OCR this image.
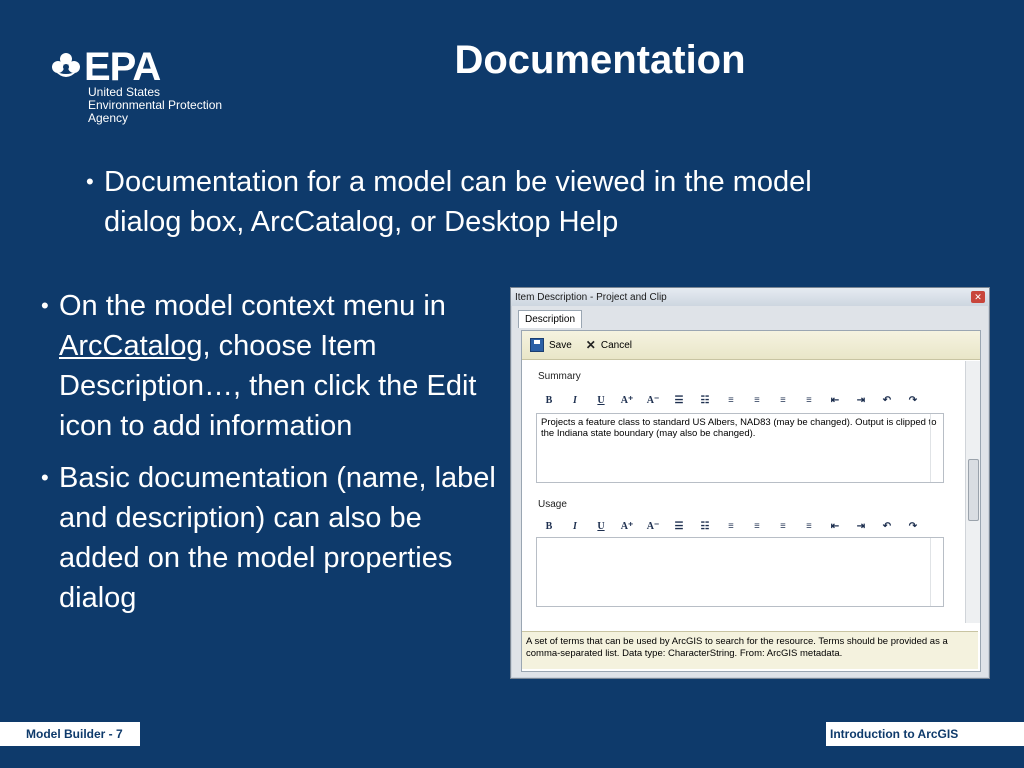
EPA
United States
Environmental Protection
Agency
Documentation
• Documentation for a model can be viewed in the model dialog box, ArcCatalog, or Desktop Help
• On the model context menu in ArcCatalog, choose Item Description…, then click the Edit icon to add information
• Basic documentation (name, label and description) can also be added on the model properties dialog
Item Description - Project and Clip	✕
Description
Save ✕ Cancel
Summary
B	I	U	A⁺	A⁻	☰	☷	≡	≡	≡	≡	⇤	⇥	↶	↷
Projects a feature class to standard US Albers, NAD83 (may be changed). Output is clipped to the Indiana state boundary (may also be changed).
Usage
B	I	U	A⁺	A⁻	☰	☷	≡	≡	≡	≡	⇤	⇥	↶	↷
A set of terms that can be used by ArcGIS to search for the resource. Terms should be provided as a comma-separated list. Data type: CharacterString. From: ArcGIS metadata.
Model Builder - 7	Introduction to ArcGIS
